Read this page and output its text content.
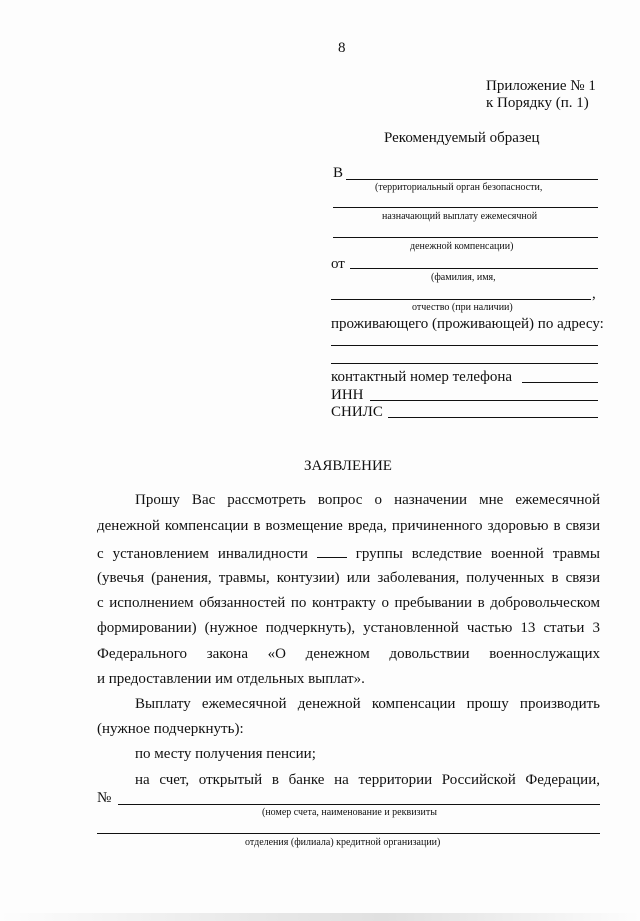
8
Приложение № 1
к Порядку (п. 1)
Рекомендуемый образец
В
(территориальный орган безопасности,
назначающий выплату ежемесячной
денежной компенсации)
от
(фамилия, имя,
,
отчество (при наличии)
проживающего (проживающей) по адресу:
контактный номер телефона
ИНН
СНИЛС
ЗАЯВЛЕНИЕ
Прошу Вас рассмотреть вопрос о назначении мне ежемесячной
денежной компенсации в возмещение вреда, причиненного здоровью в связи
с установлением инвалидности	группы вследствие военной травмы
(увечья (ранения, травмы, контузии) или заболевания, полученных в связи
с исполнением обязанностей по контракту о пребывании в добровольческом
формировании) (нужное подчеркнуть), установленной частью 13 статьи 3
Федерального закона «О денежном довольствии военнослужащих
и предоставлении им отдельных выплат».
Выплату ежемесячной денежной компенсации прошу производить
(нужное подчеркнуть):
по месту получения пенсии;
на счет, открытый в банке на территории Российской Федерации,
№
(номер счета, наименование и реквизиты
отделения (филиала) кредитной организации)
